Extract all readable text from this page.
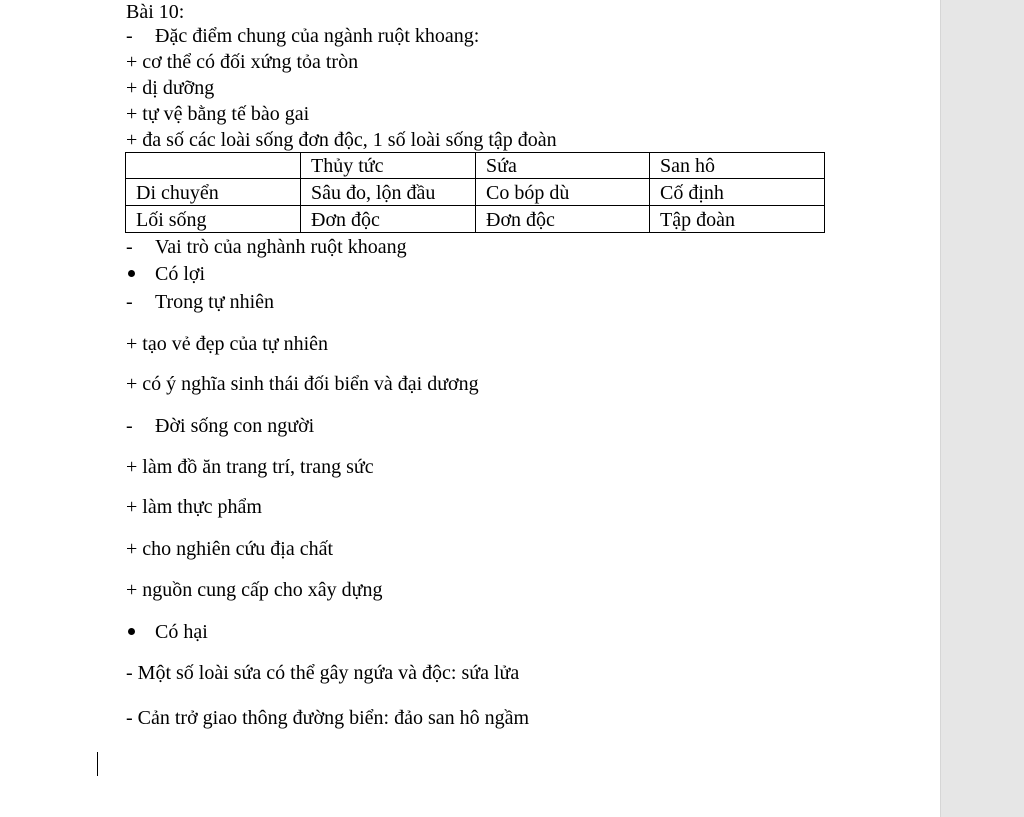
Bài 10:
- Đặc điểm chung của ngành ruột khoang:
+ cơ thể có đối xứng tỏa tròn
+ dị dưỡng
+ tự vệ bằng tế bào gai
+ đa số các loài sống đơn độc, 1 số loài sống tập đoàn
	Thủy tức	Sứa	San hô
Di chuyển	Sâu đo, lộn đầu	Co bóp dù	Cố định
Lối sống	Đơn độc	Đơn độc	Tập đoàn
- Vai trò của nghành ruột khoang
Có lợi
- Trong tự nhiên
+ tạo vẻ đẹp của tự nhiên
+ có ý nghĩa sinh thái đối biển và đại dương
- Đời sống con người
+ làm đồ ăn trang trí, trang sức
+ làm thực phẩm
+ cho nghiên cứu địa chất
+ nguồn cung cấp cho xây dựng
Có hại
- Một số loài sứa có thể gây ngứa và độc: sứa lửa
- Cản trở giao thông đường biển: đảo san hô ngầm
